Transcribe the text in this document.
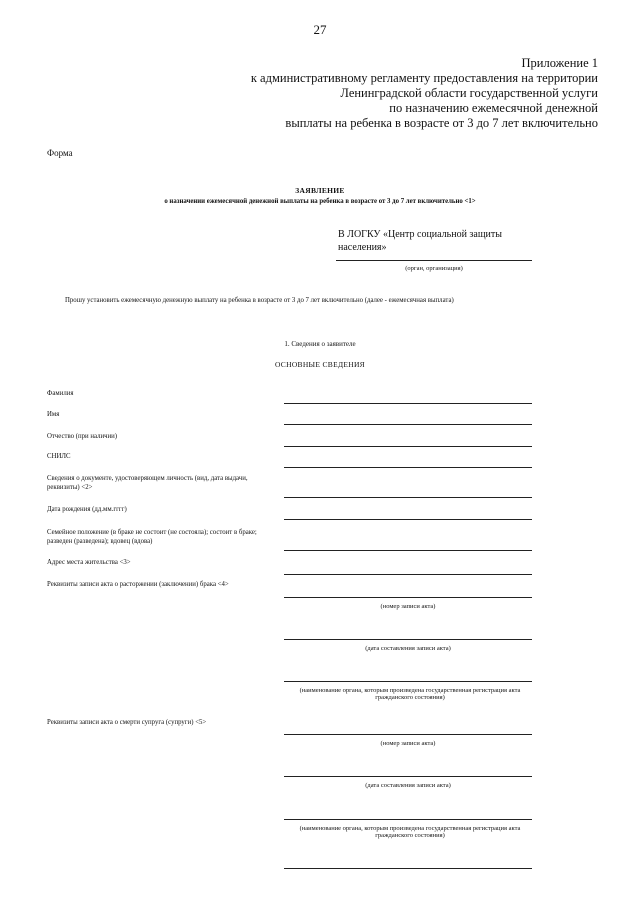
27
Приложение 1
к административному регламенту предоставления на территории
Ленинградской области государственной услуги
по назначению ежемесячной денежной
выплаты на ребенка в возрасте от 3 до 7 лет включительно
Форма
ЗАЯВЛЕНИЕ
о назначении ежемесячной денежной выплаты на ребенка в возрасте от 3 до 7 лет включительно <1>
В ЛОГКУ «Центр социальной защиты населения»
(орган, организация)
Прошу установить ежемесячную денежную выплату на ребенка в возрасте от 3 до 7 лет включительно (далее - ежемесячная выплата)
1. Сведения о заявителе
ОСНОВНЫЕ СВЕДЕНИЯ
Фамилия
Имя
Отчество (при наличии)
СНИЛС
Сведения о документе, удостоверяющем личность (вид, дата выдачи, реквизиты) <2>
Дата рождения (дд.мм.гггг)
Семейное положение (в браке не состоит (не состояла); состоит в браке; разведен (разведена); вдовец (вдова)
Адрес места жительства <3>
Реквизиты записи акта о расторжении (заключении) брака <4>
Реквизиты записи акта о смерти супруга (супруги) <5>
(номер записи акта)
(дата составления записи акта)
(наименование органа, которым произведена государственная регистрация акта гражданского состояния)
(номер записи акта)
(дата составления записи акта)
(наименование органа, которым произведена государственная регистрация акта гражданского состояния)
